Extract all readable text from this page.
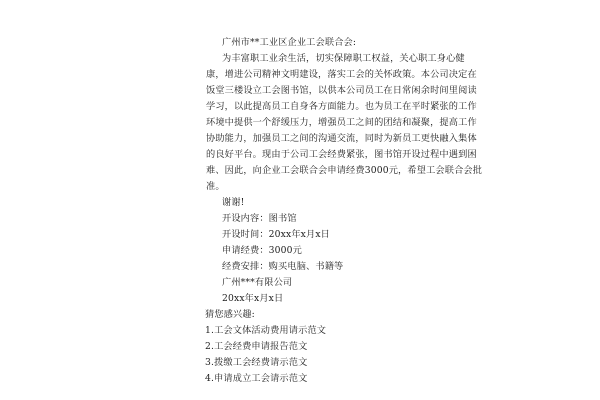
广州市**工业区企业工会联合会:
为丰富职工业余生活，切实保障职工权益，关心职工身心健
康，增进公司精神文明建设，落实工会的关怀政策。本公司决定在
饭堂三楼设立工会图书馆，以供本公司员工在日常闲余时间里阅读
学习，以此提高员工自身各方面能力。也为员工在平时紧张的工作
环境中提供一个舒缓压力，增强员工之间的团结和凝聚，提高工作
协助能力，加强员工之间的沟通交流，同时为新员工更快融入集体
的良好平台。现由于公司工会经费紧张，图书馆开设过程中遇到困
难、因此，向企业工会联合会申请经费3000元，希望工会联合会批
准。
谢谢!
开设内容：图书馆
开设时间：20xx年x月x日
申请经费：3000元
经费安排：购买电脑、书籍等
广州***有限公司
20xx年x月x日
猜您感兴趣:
1.工会文体活动费用请示范文
2.工会经费申请报告范文
3.拨缴工会经费请示范文
4.申请成立工会请示范文
